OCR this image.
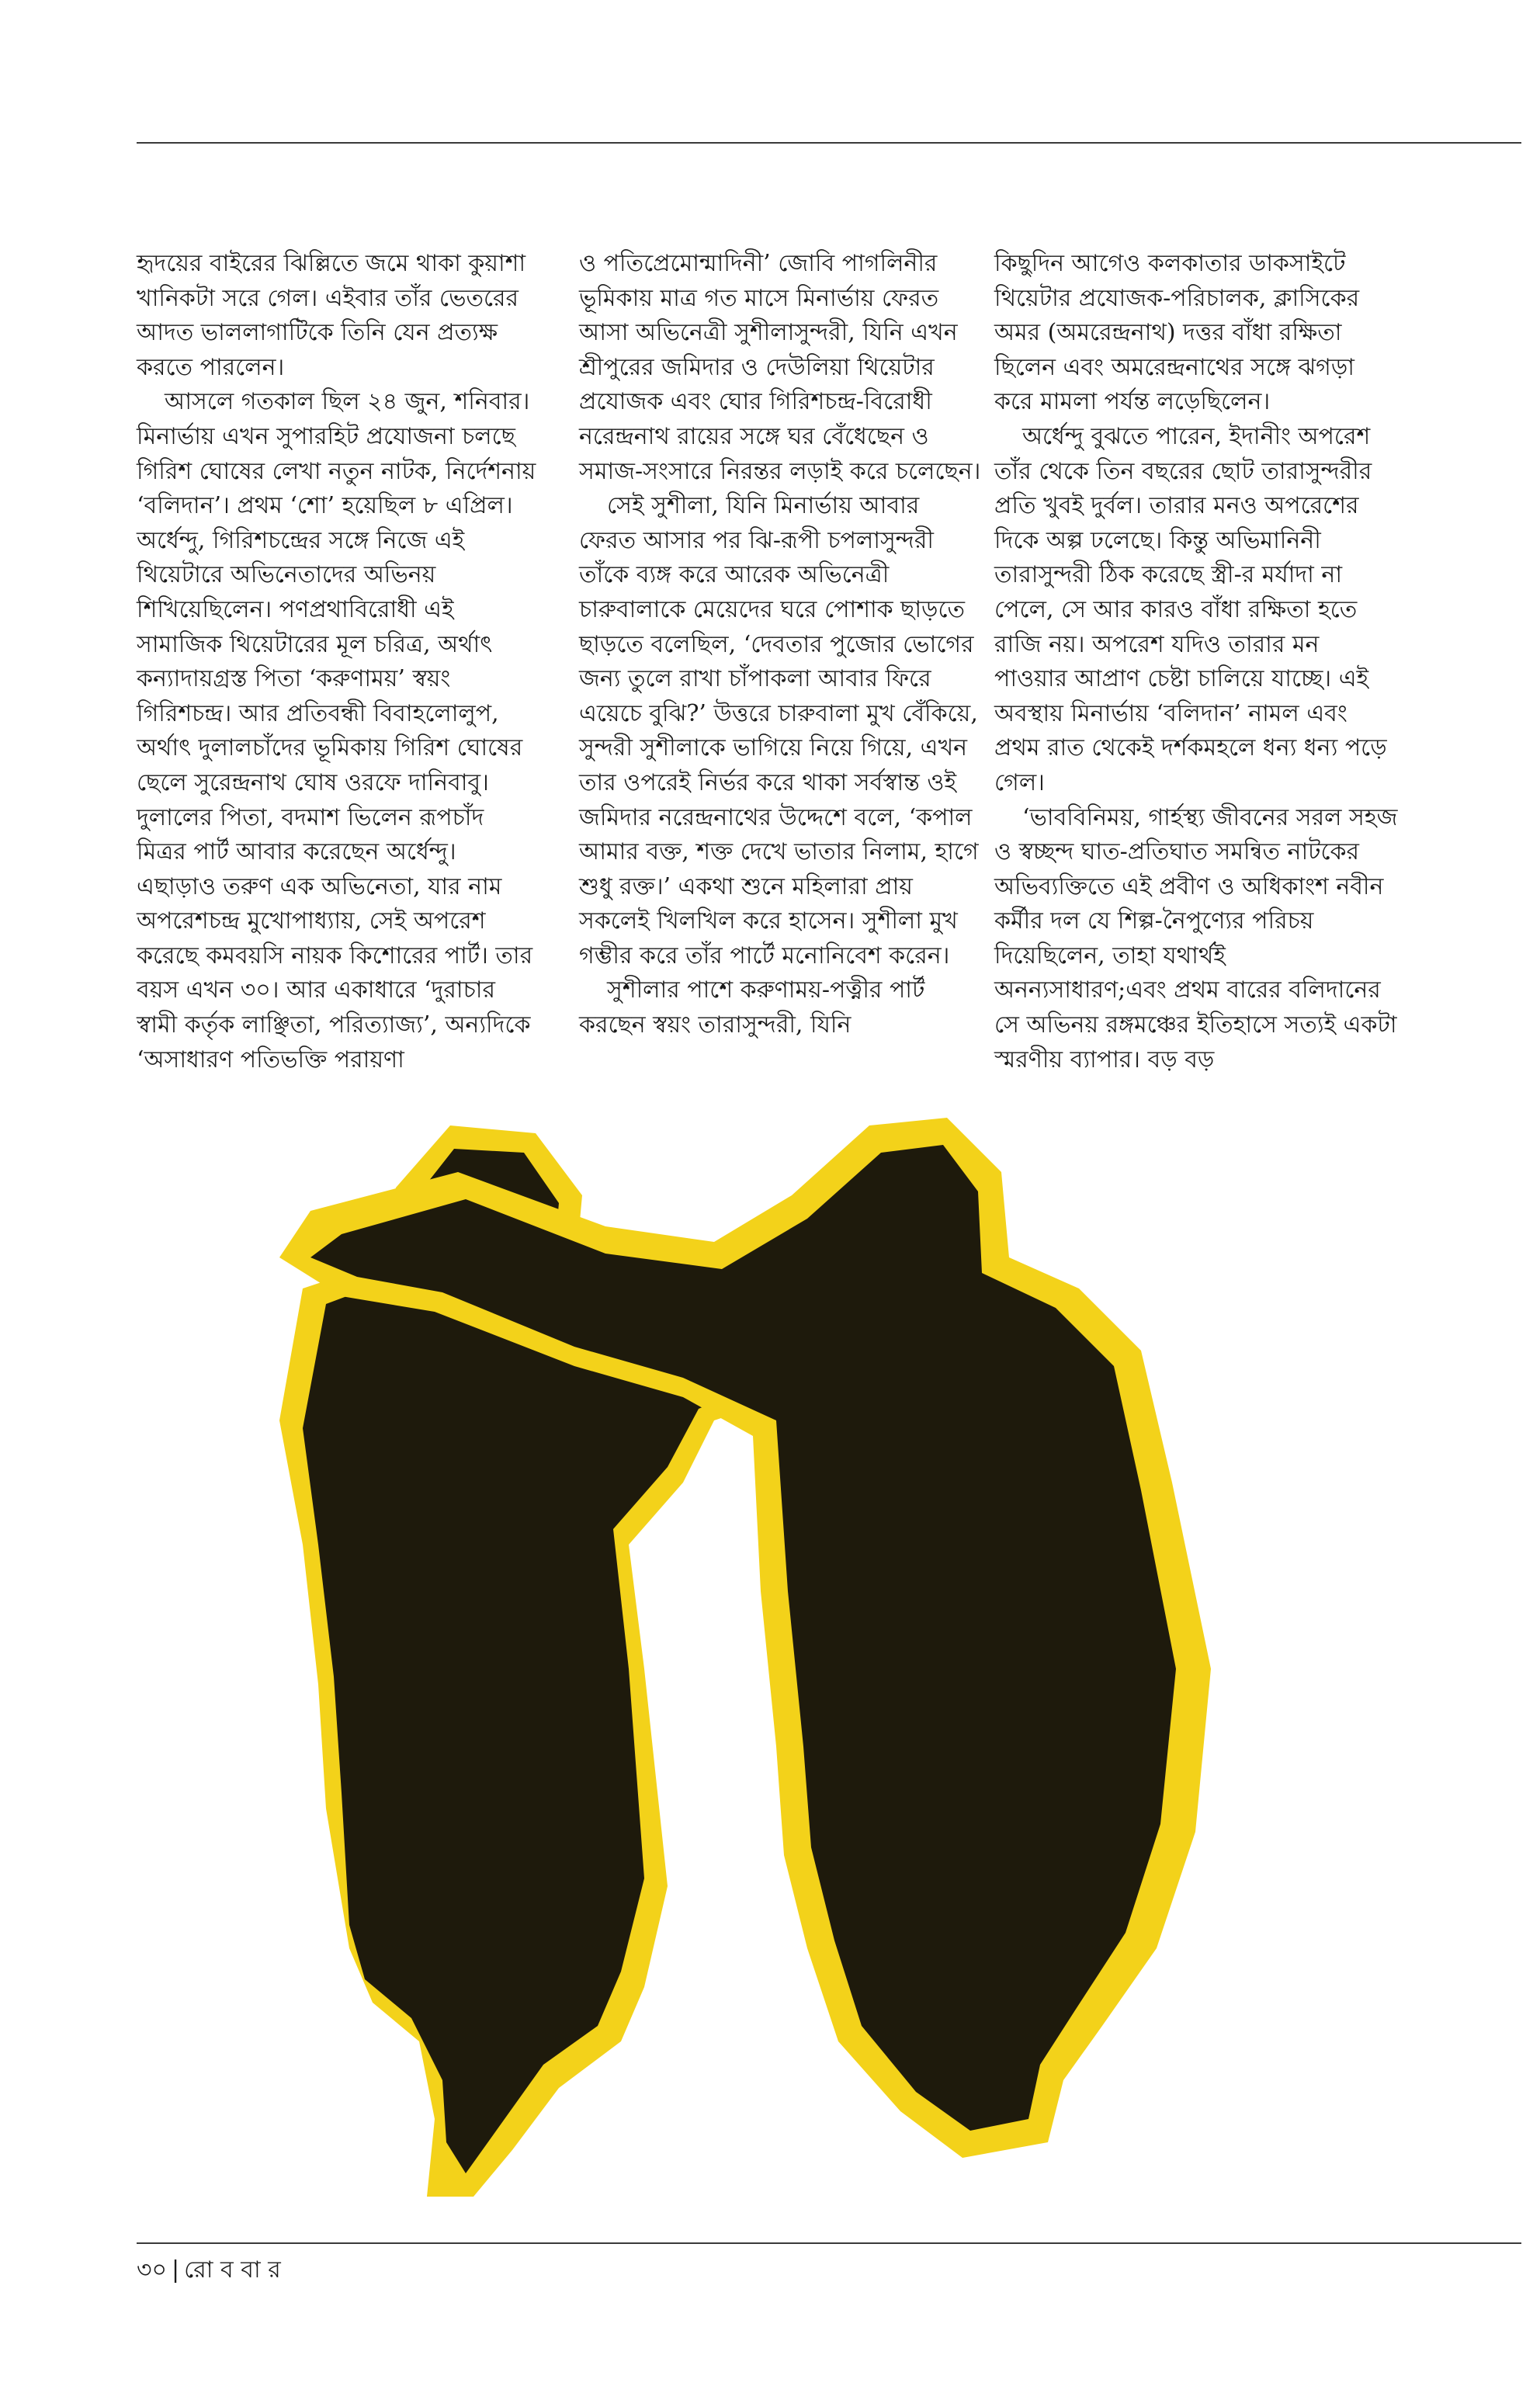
হৃদয়ের বাইরের ঝিল্লিতে জমে থাকা কুয়াশা খানিকটা সরে গেল। এইবার তাঁর ভেতরের আদত ভাললাগাটিকে তিনি যেন প্রত্যক্ষ করতে পারলেন।

আসলে গতকাল ছিল ২৪ জুন, শনিবার। মিনার্ভায় এখন সুপারহিট প্রযোজনা চলছে গিরিশ ঘোষের লেখা নতুন নাটক, নির্দেশনায় ‘বলিদান’। প্রথম ‘শো’ হয়েছিল ৮ এপ্রিল। অর্ধেন্দু, গিরিশচন্দ্রের সঙ্গে নিজে এই থিয়েটারে অভিনেতাদের অভিনয় শিখিয়েছিলেন। পণপ্রথাবিরোধী এই সামাজিক থিয়েটারের মূল চরিত্র, অর্থাৎ কন্যাদায়গ্রস্ত পিতা ‘করুণাময়’ স্বয়ং গিরিশচন্দ্র। আর প্রতিবন্ধী বিবাহলোলুপ, অর্থাৎ দুলালচাঁদের ভূমিকায় গিরিশ ঘোষের ছেলে সুরেন্দ্রনাথ ঘোষ ওরফে দানিবাবু। দুলালের পিতা, বদমাশ ভিলেন রূপচাঁদ মিত্রর পার্ট আবার করেছেন অর্ধেন্দু। এছাড়াও তরুণ এক অভিনেতা, যার নাম অপরেশচন্দ্র মুখোপাধ্যায়, সেই অপরেশ করেছে কমবয়সি নায়ক কিশোরের পার্ট। তার বয়স এখন ৩০। আর একাধারে ‘দুরাচার স্বামী কর্তৃক লাঞ্ছিতা, পরিত্যাজ্য’, অন্যদিকে ‘অসাধারণ পতিভক্তি পরায়ণা

ও পতিপ্রেমোন্মাদিনী’ জোবি পাগলিনীর ভূমিকায় মাত্র গত মাসে মিনার্ভায় ফেরত আসা অভিনেত্রী সুশীলাসুন্দরী, যিনি এখন শ্রীপুরের জমিদার ও দেউলিয়া থিয়েটার প্রযোজক এবং ঘোর গিরিশচন্দ্র-বিরোধী নরেন্দ্রনাথ রায়ের সঙ্গে ঘর বেঁধেছেন ও সমাজ-সংসারে নিরন্তর লড়াই করে চলেছেন।

সেই সুশীলা, যিনি মিনার্ভায় আবার ফেরত আসার পর ঝি-রূপী চপলাসুন্দরী তাঁকে ব্যঙ্গ করে আরেক অভিনেত্রী চারুবালাকে মেয়েদের ঘরে পোশাক ছাড়তে ছাড়তে বলেছিল, ‘দেবতার পুজোর ভোগের জন্য তুলে রাখা চাঁপাকলা আবার ফিরে এয়েচে বুঝি?’ উত্তরে চারুবালা মুখ বেঁকিয়ে, সুন্দরী সুশীলাকে ভাগিয়ে নিয়ে গিয়ে, এখন তার ওপরেই নির্ভর করে থাকা সর্বস্বান্ত ওই জমিদার নরেন্দ্রনাথের উদ্দেশে বলে, ‘কপাল আমার বক্ত, শক্ত দেখে ভাতার নিলাম, হাগে শুধু রক্ত।’ একথা শুনে মহিলারা প্রায় সকলেই খিলখিল করে হাসেন। সুশীলা মুখ গম্ভীর করে তাঁর পার্টে মনোনিবেশ করেন।

সুশীলার পাশে করুণাময়-পত্নীর পার্ট করছেন স্বয়ং তারাসুন্দরী, যিনি

কিছুদিন আগেও কলকাতার ডাকসাইটে থিয়েটার প্রযোজক-পরিচালক, ক্লাসিকের অমর (অমরেন্দ্রনাথ) দত্তর বাঁধা রক্ষিতা ছিলেন এবং অমরেন্দ্রনাথের সঙ্গে ঝগড়া করে মামলা পর্যন্ত লড়েছিলেন।

অর্ধেন্দু বুঝতে পারেন, ইদানীং অপরেশ তাঁর থেকে তিন বছরের ছোট তারাসুন্দরীর প্রতি খুবই দুর্বল। তারার মনও অপরেশের দিকে অল্প ঢলেছে। কিন্তু অভিমানিনী তারাসুন্দরী ঠিক করেছে স্ত্রী-র মর্যাদা না পেলে, সে আর কারও বাঁধা রক্ষিতা হতে রাজি নয়। অপরেশ যদিও তারার মন পাওয়ার আপ্রাণ চেষ্টা চালিয়ে যাচ্ছে। এই অবস্থায় মিনার্ভায় ‘বলিদান’ নামল এবং প্রথম রাত থেকেই দর্শকমহলে ধন্য ধন্য পড়ে গেল।

‘ভাববিনিময়, গার্হস্থ্য জীবনের সরল সহজ ও স্বচ্ছন্দ ঘাত-প্রতিঘাত সমন্বিত নাটকের অভিব্যক্তিতে এই প্রবীণ ও অধিকাংশ নবীন কর্মীর দল যে শিল্প-নৈপুণ্যের পরিচয় দিয়েছিলেন, তাহা যথার্থই অনন্যসাধারণ;এবং প্রথম বারের বলিদানের সে অভিনয় রঙ্গমঞ্চের ইতিহাসে সত্যই একটা স্মরণীয় ব্যাপার। বড় বড়

৩০ | রো ব বা র
